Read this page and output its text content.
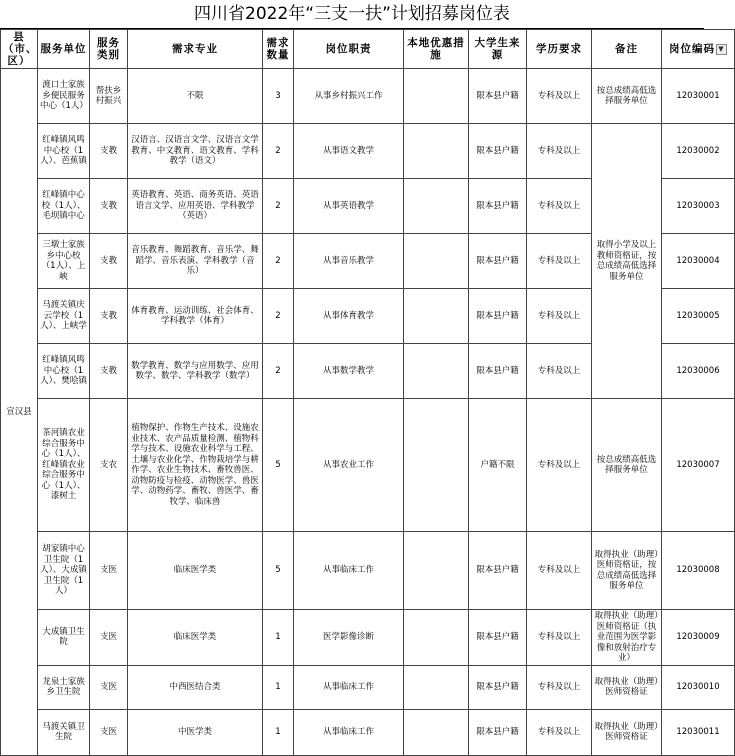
四川省2022年“三支一扶”计划招募岗位表
县（市、区）	服务单位	服务类别	需求专业	需求数量	岗位职责	本地优惠措施	大学生来源	学历要求	备注	岗位编码 ▼
宣汉县	渡口土家族乡便民服务中心（1人）	帮扶乡村振兴	不限	3	从事乡村振兴工作		限本县户籍	专科及以上	按总成绩高低选择服务单位	12030001
	红峰镇风鸣中心校（1人）、芭蕉镇	支教	汉语言、汉语言文学、汉语言文学教育、中文教育、语文教育、学科教学（语文）	2	从事语文教学		限本县户籍	专科及以上	取得小学及以上教师资格证，按总成绩高低选择服务单位	12030002
	红峰镇中心校（1人）、毛坝镇中心	支教	英语教育、英语、商务英语、英语语言文学、应用英语、学科教学（英语）	2	从事英语教学		限本县户籍	专科及以上		12030003
	三墩土家族乡中心校（1人）、上峡	支教	音乐教育、舞蹈教育、音乐学、舞蹈学、音乐表演、学科教学（音乐）	2	从事音乐教学		限本县户籍	专科及以上		12030004
	马渡关镇庆云学校（1人）、上峡学	支教	体育教育、运动训练、社会体育、学科教学（体育）	2	从事体育教学		限本县户籍	专科及以上		12030005
	红峰镇风鸣中心校（1人）、樊哙镇	支教	数学教育、数学与应用数学、应用数学、数学、学科教学（数学）	2	从事数学教学		限本县户籍	专科及以上		12030006
	茶河镇农业综合服务中心（1人）、红峰镇农业综合服务中心（1人）、漆树土	支农	植物保护、作物生产技术、设施农业技术、农产品质量检测、植物科学与技术、设施农业科学与工程、土壤与农业化学、作物栽培学与耕作学、农业生物技术、畜牧兽医、动物防疫与检疫、动物医学、兽医学、动物药学、畜牧、兽医学、畜牧学、临床兽	5	从事农业工作		户籍不限	专科及以上	按总成绩高低选择服务单位	12030007
	胡家镇中心卫生院（1人）、大成镇卫生院（1人）	支医	临床医学类	5	从事临床工作		限本县户籍	专科及以上	取得执业（助理）医师资格证，按总成绩高低选择服务单位	12030008
	大成镇卫生院	支医	临床医学类	1	医学影像诊断		限本县户籍	专科及以上	取得执业（助理）医师资格证（执业范围为医学影像和放射治疗专业）	12030009
	龙泉土家族乡卫生院	支医	中西医结合类	1	从事临床工作		限本县户籍	专科及以上	取得执业（助理）医师资格证	12030010
	马渡关镇卫生院	支医	中医学类	1	从事临床工作		限本县户籍	专科及以上	取得执业（助理）医师资格证	12030011
